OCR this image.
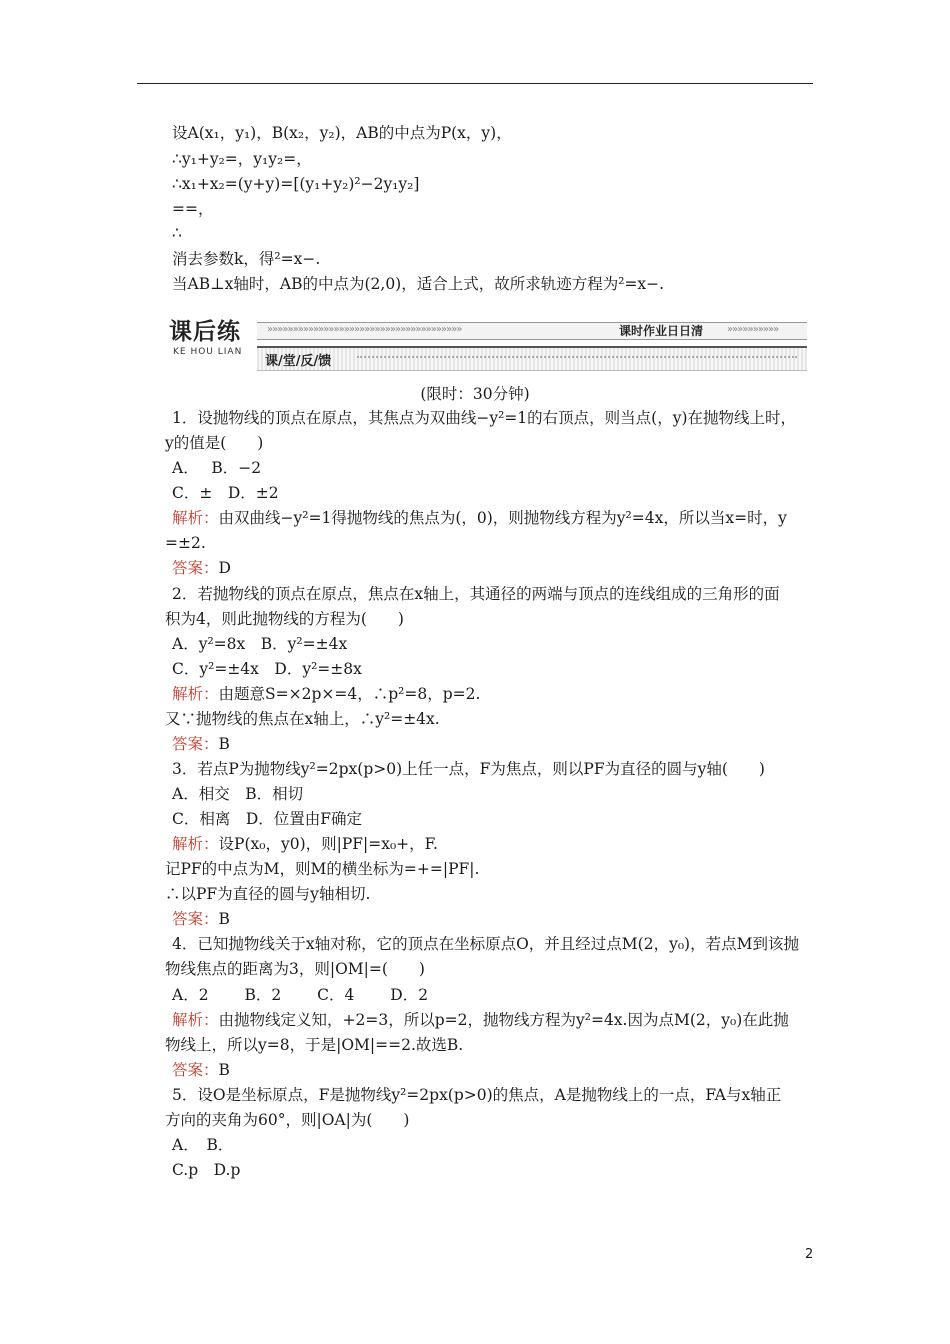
设A(x₁，y₁)，B(x₂，y₂)，AB的中点为P(x，y)，
∴y₁+y₂=，y₁y₂=，
∴x₁+x₂=(y+y)=[(y₁+y₂)²−2y₁y₂]
==，
∴
消去参数k，得²=x−.
当AB⊥x轴时，AB的中点为(2,0)，适合上式，故所求轨迹方程为²=x−.
课后练
KE HOU LIAN
»»»»»»»»»»»»»»»»»»»»»»»»»»»»»»»»»»»»»»	课时作业日日清 »»»»»»»»»»
课/堂/反/馈
(限时：30分钟)
1．设抛物线的顶点在原点，其焦点为双曲线−y²=1的右顶点，则当点(，y)在抛物线上时，
y的值是(　　)
A．　 B．−2
C．±　D．±2
解析：由双曲线−y²=1得抛物线的焦点为(，0)，则抛物线方程为y²=4x，所以当x=时，y
=±2.
答案：D
2．若抛物线的顶点在原点，焦点在x轴上，其通径的两端与顶点的连线组成的三角形的面
积为4，则此抛物线的方程为(　　)
A．y²=8x　B．y²=±4x
C．y²=±4x　D．y²=±8x
解析：由题意S=×2p×=4，∴p²=8，p=2.
又∵抛物线的焦点在x轴上，∴y²=±4x.
答案：B
3．若点P为抛物线y²=2px(p>0)上任一点，F为焦点，则以PF为直径的圆与y轴(　　)
A．相交　B．相切
C．相离　D．位置由F确定
解析：设P(x₀，y0)，则|PF|=x₀+，F.
记PF的中点为M，则M的横坐标为=+=|PF|.
∴以PF为直径的圆与y轴相切.
答案：B
4．已知抛物线关于x轴对称，它的顶点在坐标原点O，并且经过点M(2，y₀)，若点M到该抛
物线焦点的距离为3，则|OM|=(　　)
A．2　　 B．2　　 C．4　　 D．2
解析：由抛物线定义知，+2=3，所以p=2，抛物线方程为y²=4x.因为点M(2，y₀)在此抛
物线上，所以y=8，于是|OM|==2.故选B.
答案：B
5．设O是坐标原点，F是抛物线y²=2px(p>0)的焦点，A是抛物线上的一点，FA与x轴正
方向的夹角为60°，则|OA|为(　　)
A．　B．
C.p　D.p
2
